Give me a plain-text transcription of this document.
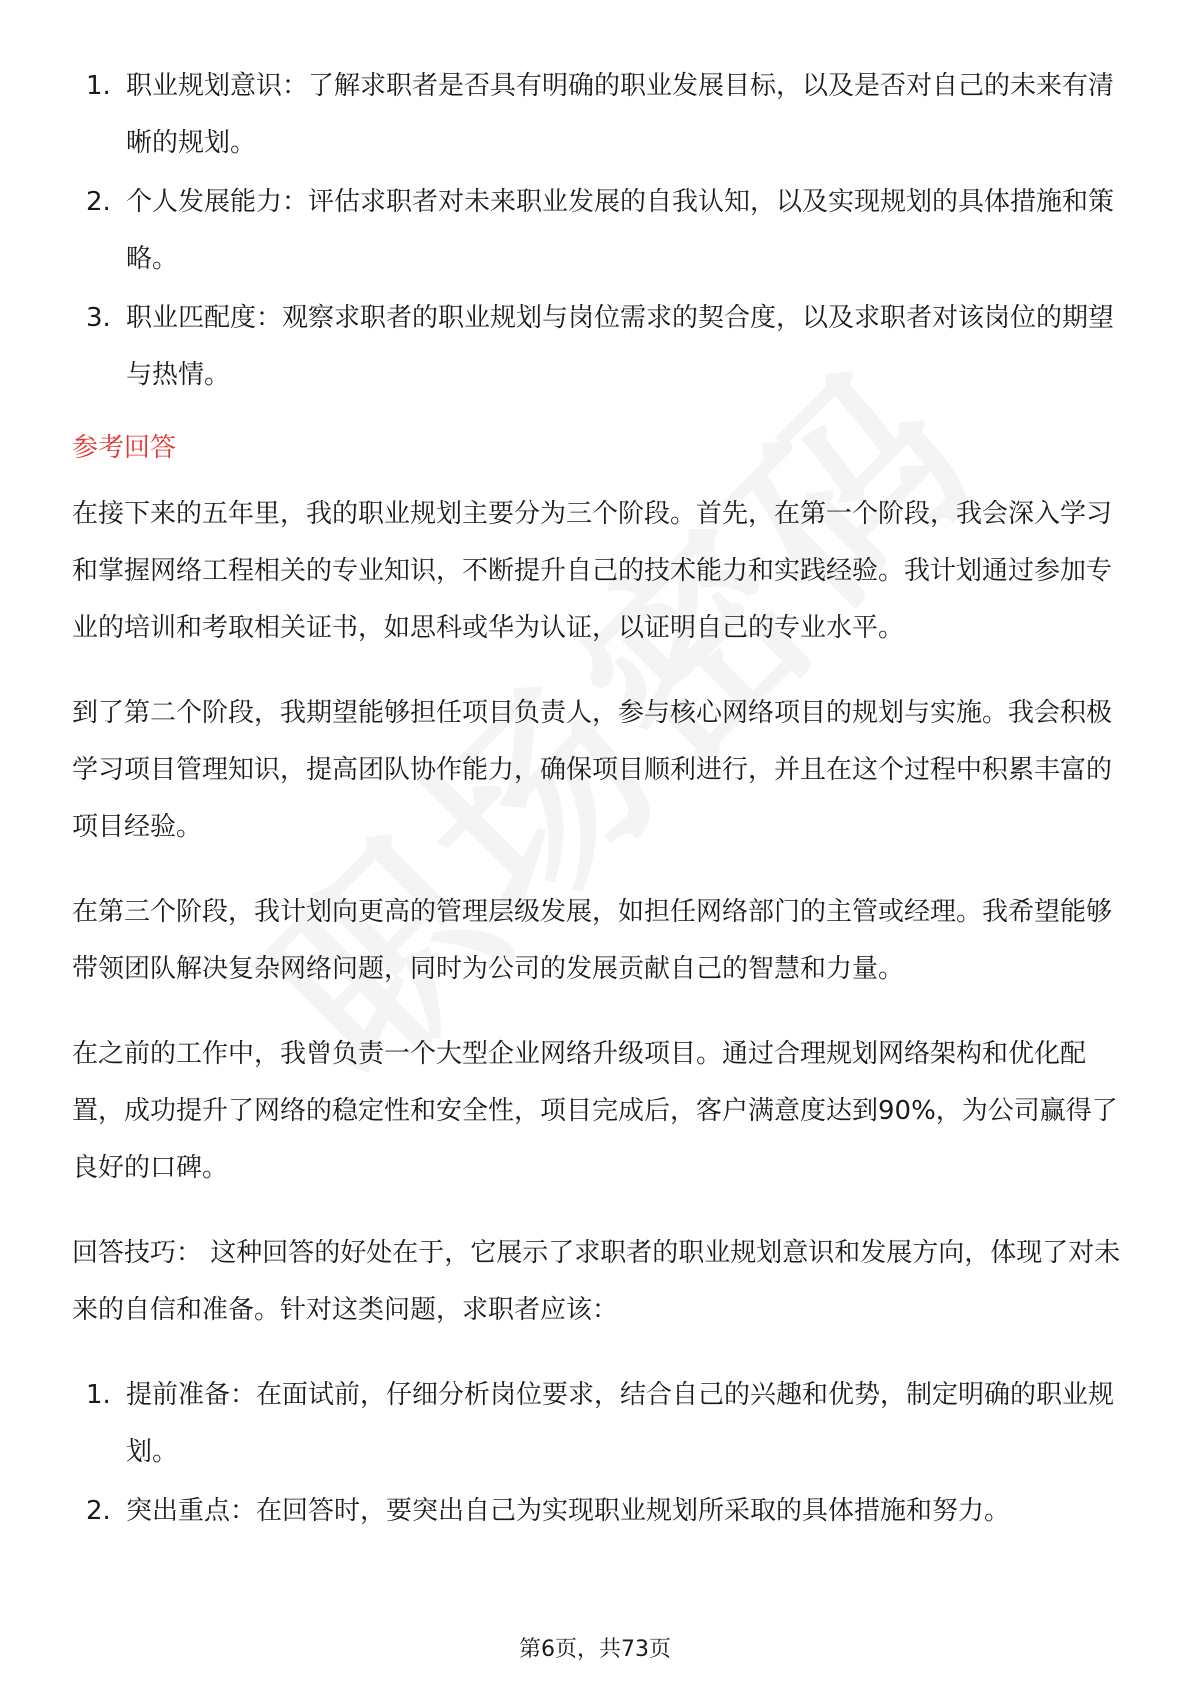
1. 职业规划意识：了解求职者是否具有明确的职业发展目标，以及是否对自己的未来有清晰的规划。
2. 个人发展能力：评估求职者对未来职业发展的自我认知，以及实现规划的具体措施和策略。
3. 职业匹配度：观察求职者的职业规划与岗位需求的契合度，以及求职者对该岗位的期望与热情。
参考回答

在接下来的五年里，我的职业规划主要分为三个阶段。首先，在第一个阶段，我会深入学习和掌握网络工程相关的专业知识，不断提升自己的技术能力和实践经验。我计划通过参加专业的培训和考取相关证书，如思科或华为认证，以证明自己的专业水平。

到了第二个阶段，我期望能够担任项目负责人，参与核心网络项目的规划与实施。我会积极学习项目管理知识，提高团队协作能力，确保项目顺利进行，并且在这个过程中积累丰富的项目经验。

在第三个阶段，我计划向更高的管理层级发展，如担任网络部门的主管或经理。我希望能够带领团队解决复杂网络问题，同时为公司的发展贡献自己的智慧和力量。

在之前的工作中，我曾负责一个大型企业网络升级项目。通过合理规划网络架构和优化配置，成功提升了网络的稳定性和安全性，项目完成后，客户满意度达到90%，为公司赢得了良好的口碑。

回答技巧： 这种回答的好处在于，它展示了求职者的职业规划意识和发展方向，体现了对未来的自信和准备。针对这类问题，求职者应该：

1. 提前准备：在面试前，仔细分析岗位要求，结合自己的兴趣和优势，制定明确的职业规划。
2. 突出重点：在回答时，要突出自己为实现职业规划所采取的具体措施和努力。
第6页，共73页
